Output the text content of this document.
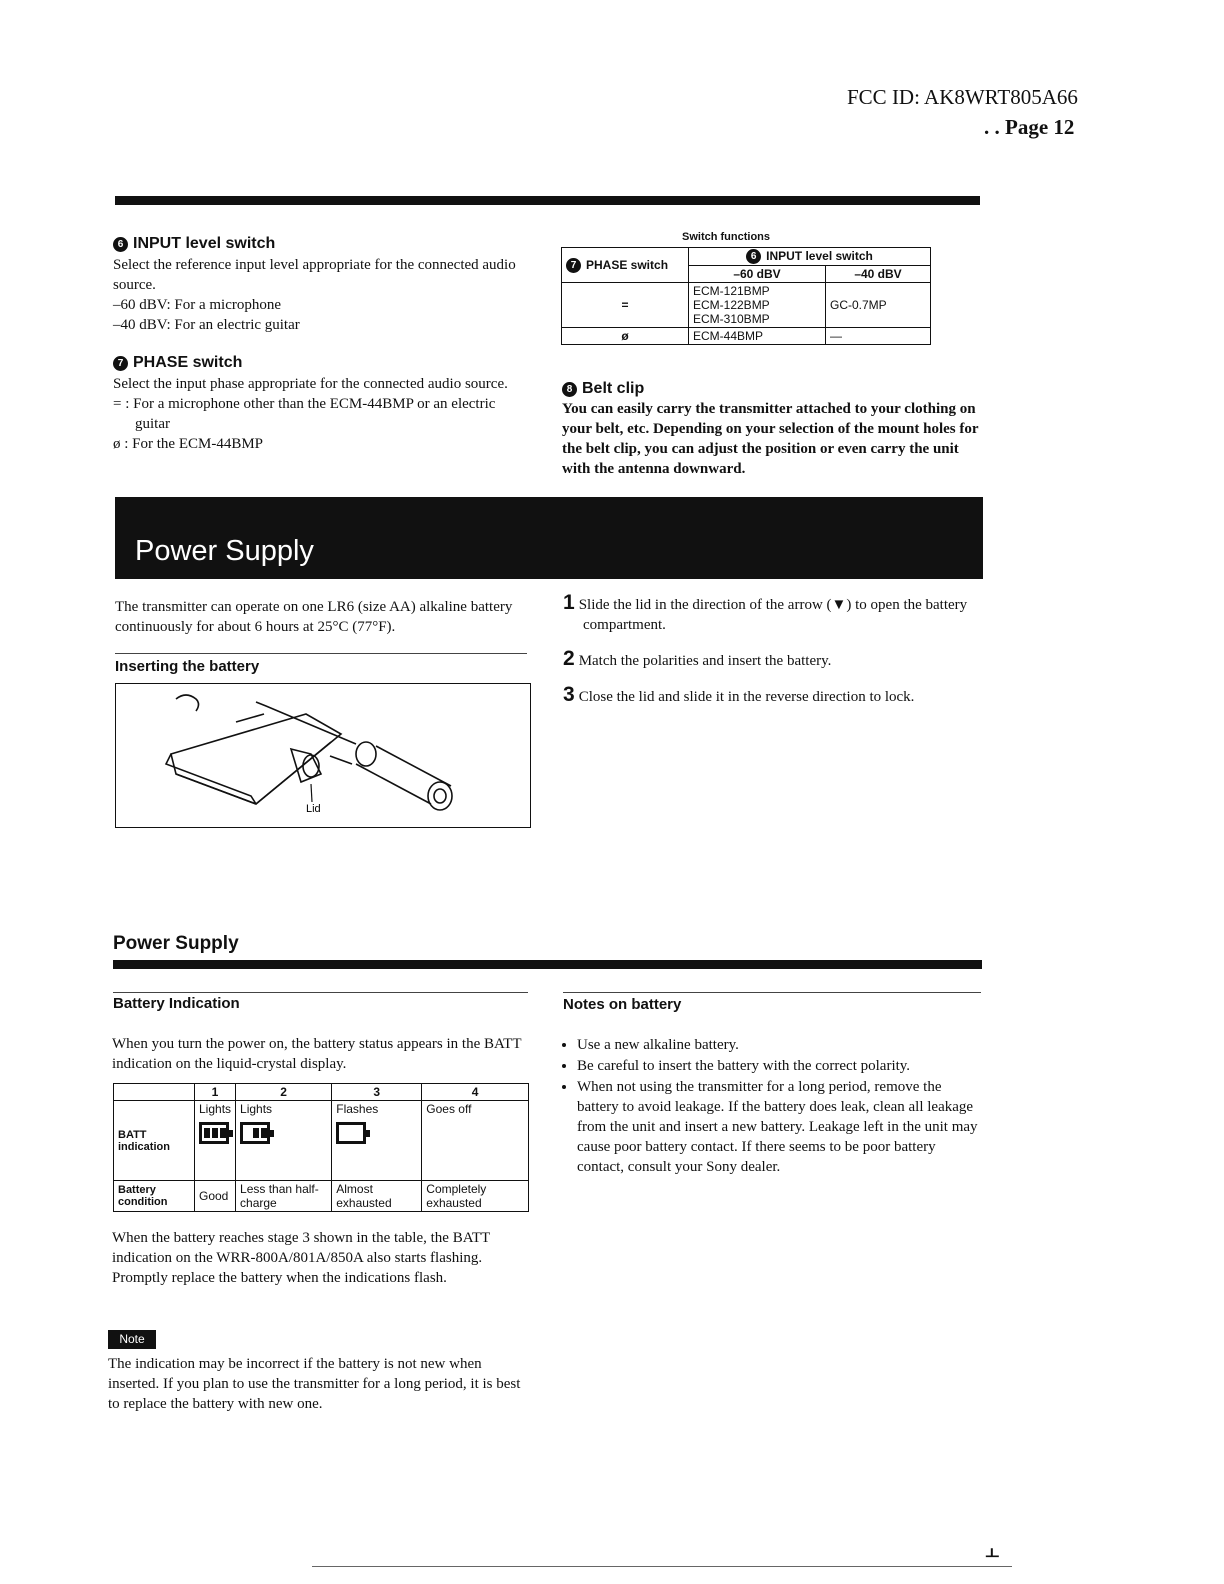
FCC ID: AK8WRT805A66
. . Page 12
6 INPUT level switch
Select the reference input level appropriate for the connected audio source.
–60 dBV: For a microphone
–40 dBV: For an electric guitar
7 PHASE switch
Select the input phase appropriate for the connected audio source.
= : For a microphone other than the ECM-44BMP or an electric guitar
ø : For the ECM-44BMP
Switch functions
7 PHASE switch	6 INPUT level switch	
	–60 dBV	–40 dBV
=	ECM-121BMP
ECM-122BMP
ECM-310BMP	GC-0.7MP
ø	ECM-44BMP	—
8 Belt clip
You can easily carry the transmitter attached to your clothing on your belt, etc. Depending on your selection of the mount holes for the belt clip, you can adjust the position or even carry the unit with the antenna downward.
Power Supply
The transmitter can operate on one LR6 (size AA) alkaline battery continuously for about 6 hours at 25°C (77°F).
Inserting the battery
Lid
1 Slide the lid in the direction of the arrow (▼) to open the battery compartment.
2 Match the polarities and insert the battery.
3 Close the lid and slide it in the reverse direction to lock.
Power Supply
Battery Indication
When you turn the power on, the battery status appears in the BATT indication on the liquid-crystal display.
	1	2	3	4
BATT indication	Lights	Lights	Flashes	Goes off
Battery condition	Good	Less than half-charge	Almost exhausted	Completely exhausted
When the battery reaches stage 3 shown in the table, the BATT indication on the WRR-800A/801A/850A also starts flashing.
Promptly replace the battery when the indications flash.
Note
The indication may be incorrect if the battery is not new when inserted. If you plan to use the transmitter for a long period, it is best to replace the battery with new one.
Notes on battery
• Use a new alkaline battery.
• Be careful to insert the battery with the correct polarity.
• When not using the transmitter for a long period, remove the battery to avoid leakage. If the battery does leak, clean all leakage from the unit and insert a new battery. Leakage left in the unit may cause poor battery contact. If there seems to be poor battery contact, consult your Sony dealer.
⫠
